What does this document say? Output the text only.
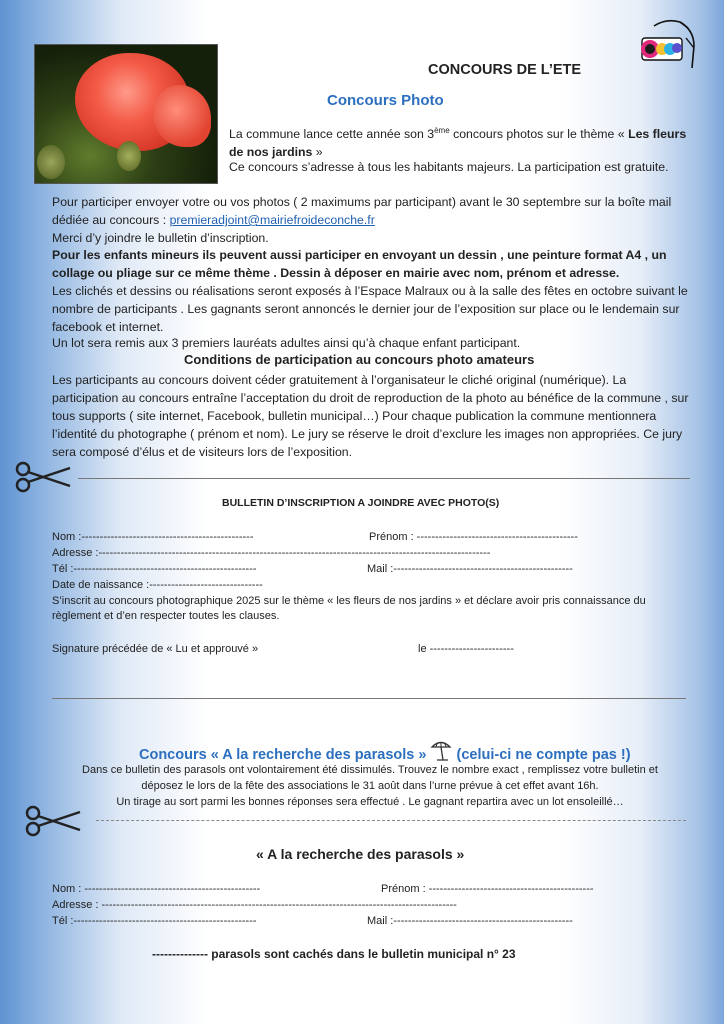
CONCOURS DE L’ETE
Concours Photo
La commune lance cette année son 3ème concours photos sur le thème « Les fleurs de nos jardins »
Ce concours s’adresse à tous les habitants majeurs. La participation est gratuite.
Pour participer envoyer votre ou vos photos ( 2 maximums par participant) avant le 30 septembre sur la boîte mail dédiée au concours : premieradjoint@mairiefroideconche.fr
Merci d’y joindre le bulletin d’inscription.
Pour les enfants mineurs ils peuvent aussi participer en envoyant un dessin , une peinture format A4 , un collage ou pliage sur ce même thème . Dessin à déposer en mairie avec nom, prénom et adresse.
Les clichés et dessins ou réalisations seront exposés à l’Espace Malraux ou à la salle des fêtes en octobre suivant le nombre de participants . Les gagnants seront annoncés le dernier jour de l’exposition sur place ou le lendemain sur facebook et internet.
Un lot sera remis aux 3 premiers lauréats adultes ainsi qu’à chaque enfant participant.
Conditions de participation au concours photo amateurs
Les participants au concours doivent céder gratuitement à l’organisateur le cliché original (numérique). La participation au concours entraîne l’acceptation du droit de reproduction de la photo au bénéfice de la commune , sur tous supports ( site internet, Facebook, bulletin municipal…) Pour chaque publication la commune mentionnera l’identité du photographe ( prénom et nom). Le jury se réserve le droit d’exclure les images non appropriées. Ce jury sera composé d’élus et de visiteurs lors de l’exposition.
BULLETIN D’INSCRIPTION A JOINDRE AVEC PHOTO(S)
Nom :-----------------------------------------------	Prénom : --------------------------------------------
Adresse :-----------------------------------------------------------------------------------------------------------
Tél :--------------------------------------------------	Mail :-------------------------------------------------
Date de naissance :-------------------------------
S’inscrit au concours photographique 2025 sur le thème « les fleurs de nos jardins » et déclare avoir pris connaissance du règlement et d’en respecter toutes les clauses.
Signature précédée de « Lu et approuvé »	le -----------------------
Concours « A la recherche des parasols » (celui-ci ne compte pas !)
Dans ce bulletin des parasols ont volontairement été dissimulés. Trouvez le nombre exact , remplissez votre bulletin et
déposez le lors de la fête des associations le 31 août dans l’urne prévue à cet effet avant 16h.
Un tirage au sort parmi les bonnes réponses sera effectué . Le gagnant repartira avec un lot ensoleillé…
« A la recherche des parasols »
Nom : ------------------------------------------------	Prénom : ---------------------------------------------
Adresse : -------------------------------------------------------------------------------------------------
Tél :--------------------------------------------------	Mail :-------------------------------------------------
-------------- parasols sont cachés dans le bulletin municipal n° 23
